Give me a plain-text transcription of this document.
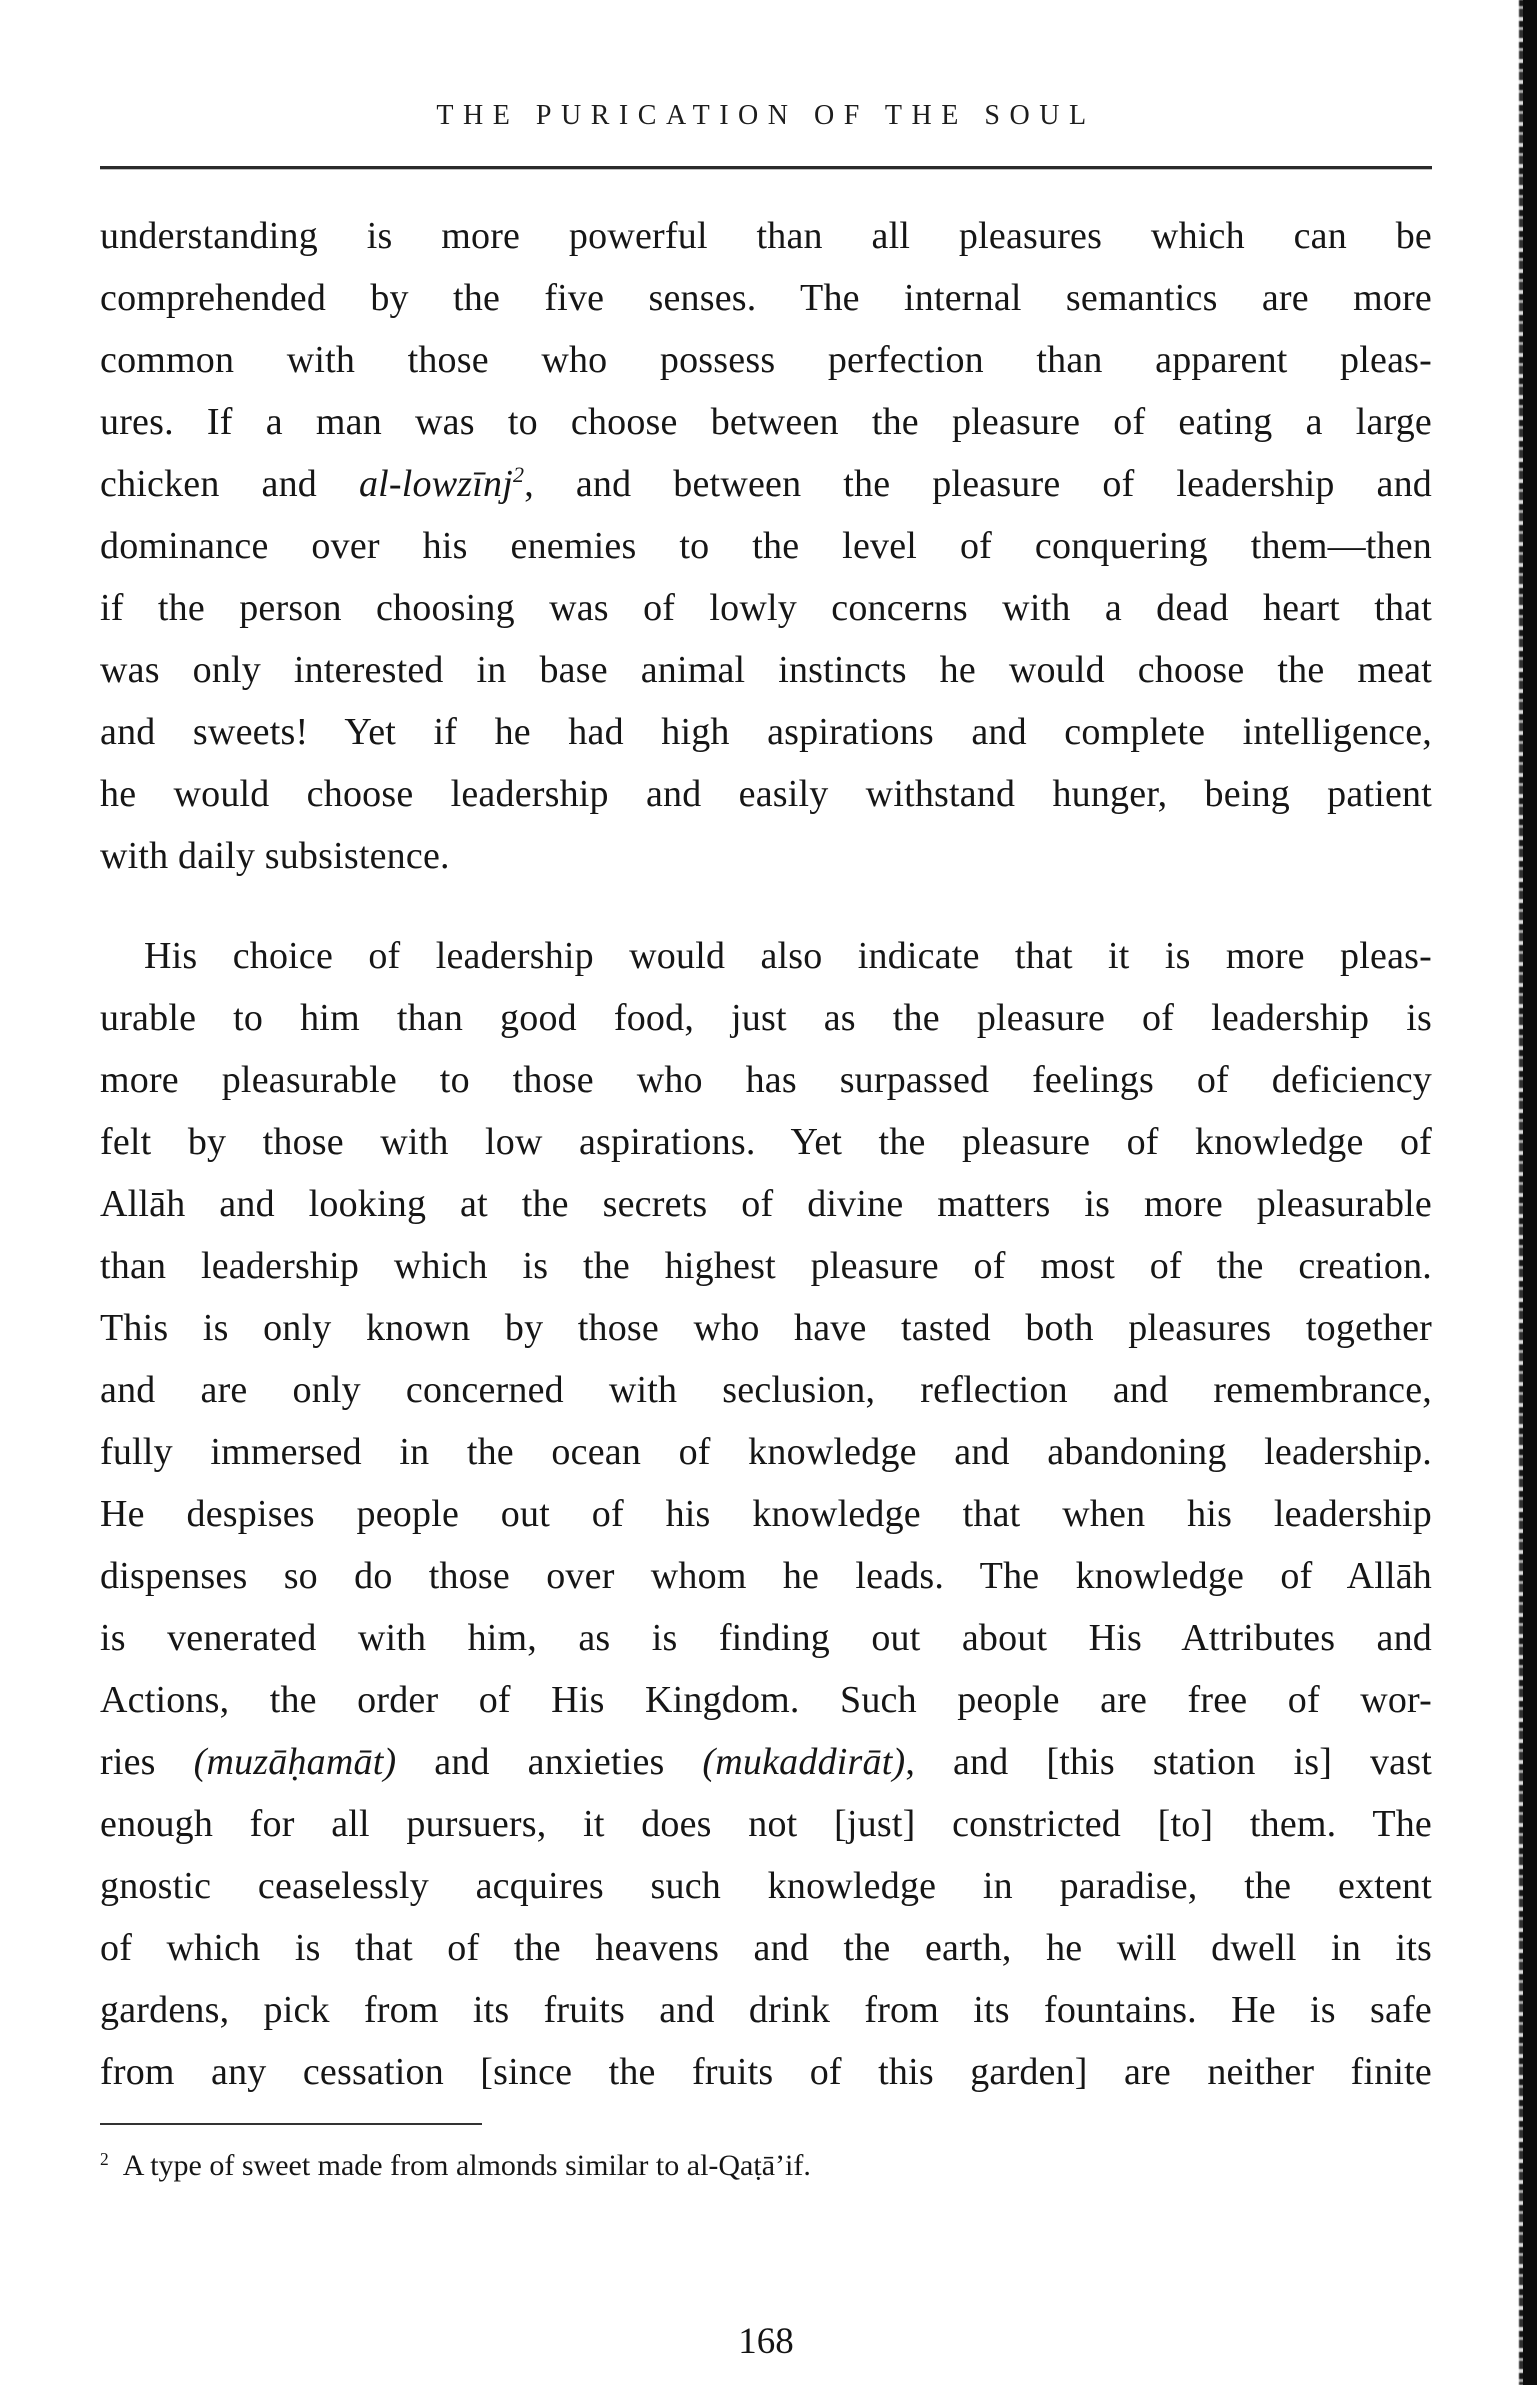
THE PURICATION OF THE SOUL
understanding is more powerful than all pleasures which can be
comprehended by the five senses. The internal semantics are more
common with those who possess perfection than apparent pleas-
ures. If a man was to choose between the pleasure of eating a large
chicken and al-lowzīnj$^2$, and between the pleasure of leadership and
dominance over his enemies to the level of conquering them—then
if the person choosing was of lowly concerns with a dead heart that
was only interested in base animal instincts he would choose the meat
and sweets! Yet if he had high aspirations and complete intelligence,
he would choose leadership and easily withstand hunger, being patient
with daily subsistence.
His choice of leadership would also indicate that it is more pleas-
urable to him than good food, just as the pleasure of leadership is
more pleasurable to those who has surpassed feelings of deficiency
felt by those with low aspirations. Yet the pleasure of knowledge of
Allāh and looking at the secrets of divine matters is more pleasurable
than leadership which is the highest pleasure of most of the creation.
This is only known by those who have tasted both pleasures together
and are only concerned with seclusion, reflection and remembrance,
fully immersed in the ocean of knowledge and abandoning leadership.
He despises people out of his knowledge that when his leadership
dispenses so do those over whom he leads. The knowledge of Allāh
is venerated with him, as is finding out about His Attributes and
Actions, the order of His Kingdom. Such people are free of wor-
ries (muzāḥamāt) and anxieties (mukaddirāt), and [this station is] vast
enough for all pursuers, it does not [just] constricted [to] them. The
gnostic ceaselessly acquires such knowledge in paradise, the extent
of which is that of the heavens and the earth, he will dwell in its
gardens, pick from its fruits and drink from its fountains. He is safe
from any cessation [since the fruits of this garden] are neither finite
$^2$ A type of sweet made from almonds similar to al-Qaṭā’if.
168
